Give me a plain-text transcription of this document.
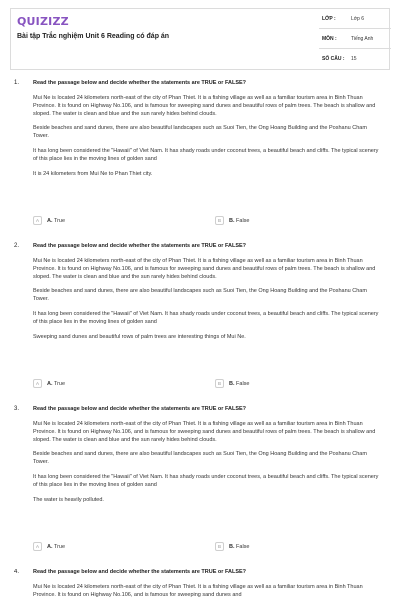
QUIZIZZ
Bài tập Trắc nghiệm Unit 6 Reading có đáp án
LỚP :	Lớp 6
MÔN :	Tiếng Anh
SỐ CÂU :	15
1.	Read the passage below and decide whether the statements are TRUE or FALSE?

Mui Ne is located 24 kilometers north-east of the city of Phan Thiet. It is a fishing village as well as a familiar tourism area in Binh Thuan Province. It is found on Highway No.106, and is famous for sweeping sand dunes and beautiful rows of palm trees. The beach is shallow and sloped. The water is clean and blue and the sun rarely hides behind clouds.

Beside beaches and sand dunes, there are also beautiful landscapes such as Suoi Tien, the Ong Hoang Building and the Poshanu Cham Tower.

It has long been considered the "Hawaii" of Viet Nam. It has shady roads under coconut trees, a beautiful beach and cliffs. The typical scenery of this place lies in the moving lines of golden sand

It is 24 kilometers from Mui Ne to Phan Thiet city.
A	A. True	B	B. False
2.	Read the passage below and decide whether the statements are TRUE or FALSE?

Mui Ne is located 24 kilometers north-east of the city of Phan Thiet. It is a fishing village as well as a familiar tourism area in Binh Thuan Province. It is found on Highway No.106, and is famous for sweeping sand dunes and beautiful rows of palm trees. The beach is shallow and sloped. The water is clean and blue and the sun rarely hides behind clouds.

Beside beaches and sand dunes, there are also beautiful landscapes such as Suoi Tien, the Ong Hoang Building and the Poshanu Cham Tower.

It has long been considered the "Hawaii" of Viet Nam. It has shady roads under coconut trees, a beautiful beach and cliffs. The typical scenery of this place lies in the moving lines of golden sand

Sweeping sand dunes and beautiful rows of palm trees are interesting things of Mui Ne.
A	A. True	B	B. False
3.	Read the passage below and decide whether the statements are TRUE or FALSE?

Mui Ne is located 24 kilometers north-east of the city of Phan Thiet. It is a fishing village as well as a familiar tourism area in Binh Thuan Province. It is found on Highway No.106, and is famous for sweeping sand dunes and beautiful rows of palm trees. The beach is shallow and sloped. The water is clean and blue and the sun rarely hides behind clouds.

Beside beaches and sand dunes, there are also beautiful landscapes such as Suoi Tien, the Ong Hoang Building and the Poshanu Cham Tower.

It has long been considered the "Hawaii" of Viet Nam. It has shady roads under coconut trees, a beautiful beach and cliffs. The typical scenery of this place lies in the moving lines of golden sand

The water is heavily polluted.
A	A. True	B	B. False
4.	Read the passage below and decide whether the statements are TRUE or FALSE?

Mui Ne is located 24 kilometers north-east of the city of Phan Thiet. It is a fishing village as well as a familiar tourism area in Binh Thuan Province. It is found on Highway No.106, and is famous for sweeping sand dunes and
